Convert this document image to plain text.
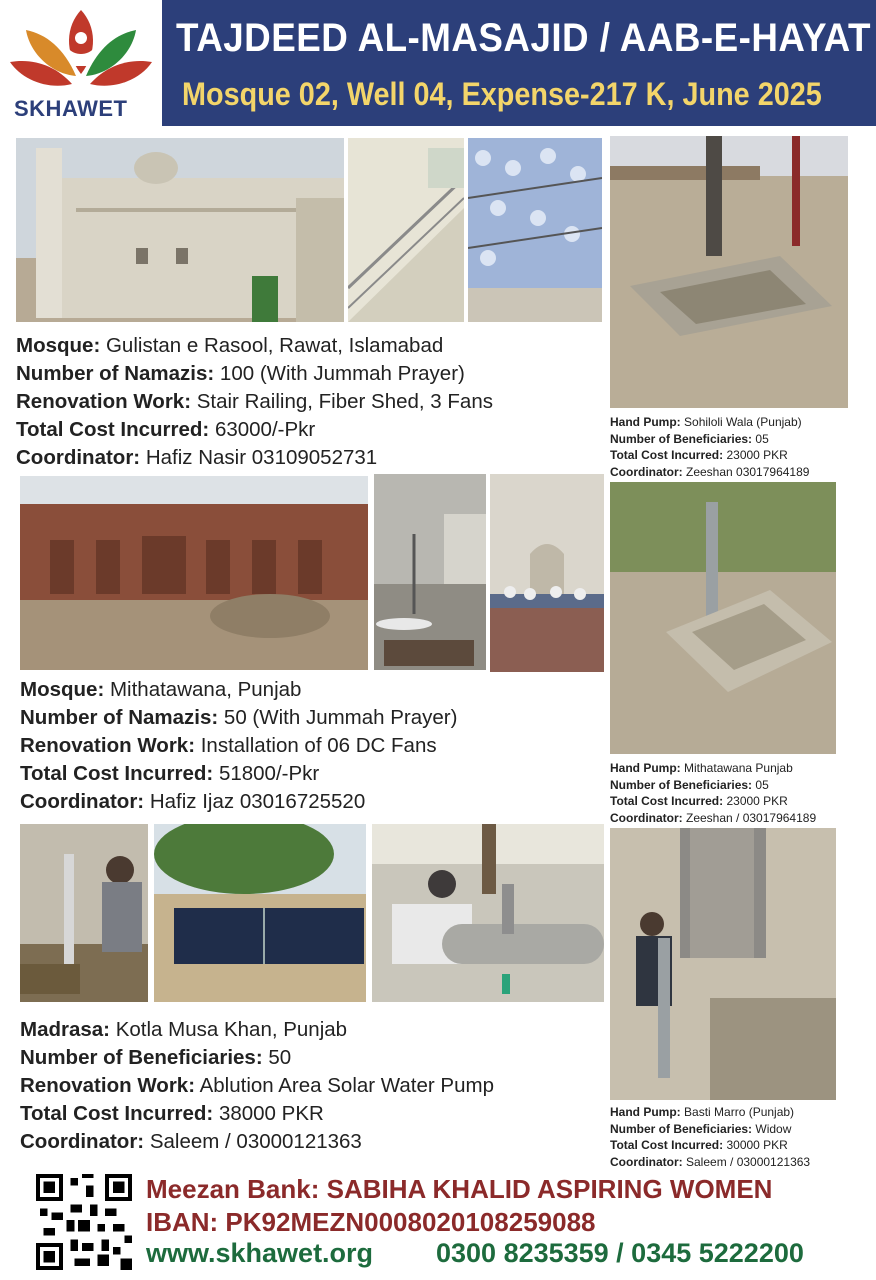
SKHAWET
TAJDEED AL-MASAJID / AAB-E-HAYAT
Mosque 02, Well 04, Expense-217 K, June 2025
Mosque: Gulistan e Rasool, Rawat, Islamabad
Number of Namazis: 100 (With Jummah Prayer)
Renovation Work: Stair Railing, Fiber Shed, 3 Fans
Total Cost Incurred: 63000/-Pkr
Coordinator: Hafiz Nasir 03109052731
Hand Pump: Sohiloli Wala (Punjab)
Number of Beneficiaries: 05
Total Cost Incurred: 23000 PKR
Coordinator: Zeeshan 03017964189
Mosque: Mithatawana, Punjab
Number of Namazis: 50 (With Jummah Prayer)
Renovation Work: Installation of 06 DC Fans
Total Cost Incurred: 51800/-Pkr
Coordinator: Hafiz Ijaz 03016725520
Hand Pump: Mithatawana Punjab
Number of Beneficiaries: 05
Total Cost Incurred: 23000 PKR
Coordinator: Zeeshan / 03017964189
Madrasa: Kotla Musa Khan, Punjab
Number of Beneficiaries: 50
Renovation Work: Ablution Area Solar Water Pump
Total Cost Incurred: 38000 PKR
Coordinator: Saleem / 03000121363
Hand Pump: Basti Marro (Punjab)
Number of Beneficiaries: Widow
Total Cost Incurred: 30000 PKR
Coordinator: Saleem / 03000121363
Meezan Bank: SABIHA KHALID ASPIRING WOMEN
IBAN: PK92MEZN0008020108259088
www.skhawet.org 0300 8235359 / 0345 5222200
